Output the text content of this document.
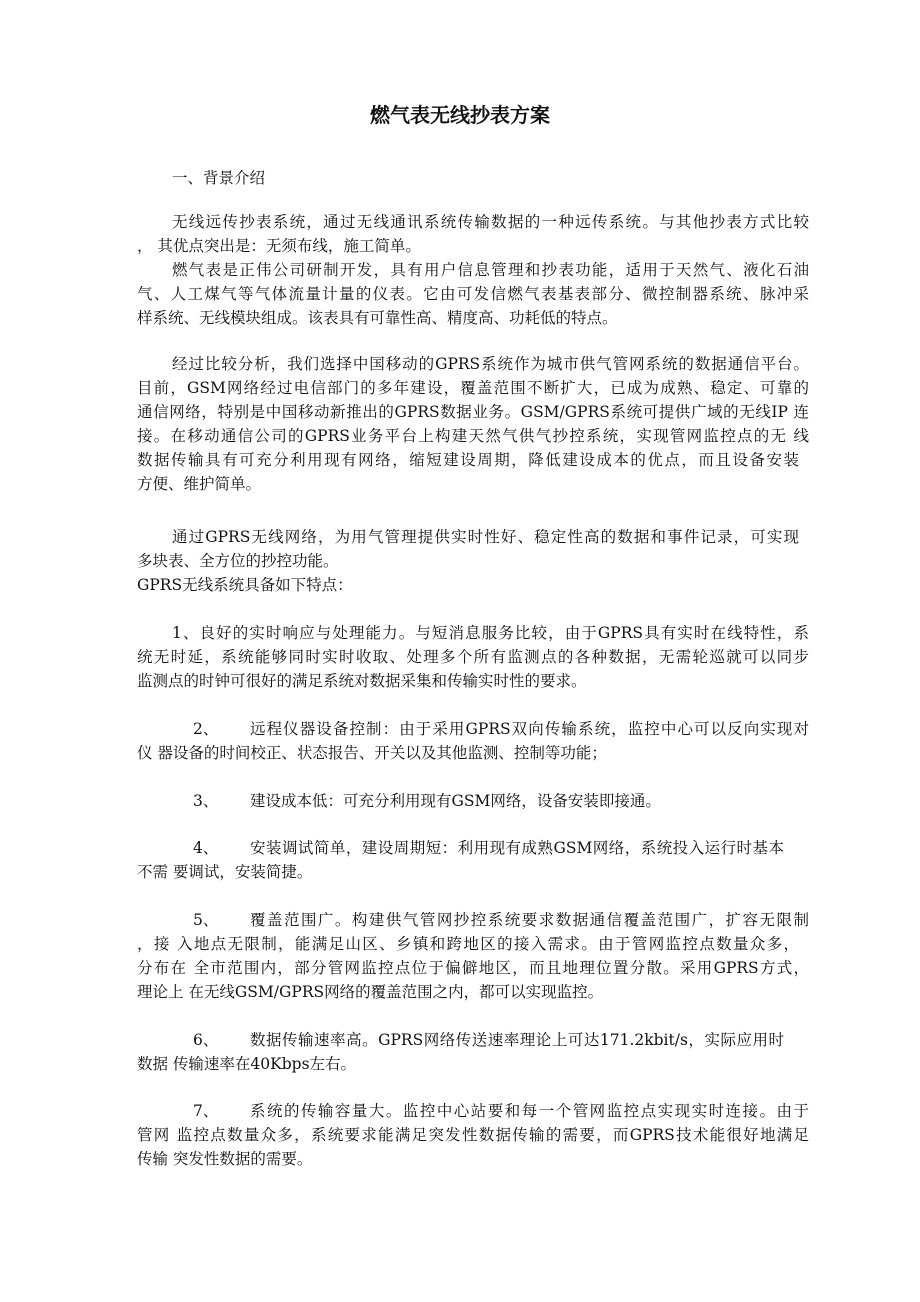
燃气表无线抄表方案
一、背景介绍
无线远传抄表系统，通过无线通讯系统传输数据的一种远传系统。与其他抄表方式比较
， 其优点突出是：无须布线，施工简单。
燃气表是正伟公司研制开发，具有用户信息管理和抄表功能，适用于天然气、液化石油
气、人工煤气等气体流量计量的仪表。它由可发信燃气表基表部分、微控制器系统、脉冲采
样系统、无线模块组成。该表具有可靠性高、精度高、功耗低的特点。
经过比较分析，我们选择中国移动的GPRS系统作为城市供气管网系统的数据通信平台。
目前，GSM网络经过电信部门的多年建设，覆盖范围不断扩大，已成为成熟、稳定、可靠的
通信网络，特别是中国移动新推出的GPRS数据业务。GSM/GPRS系统可提供广域的无线IP 连
接。在移动通信公司的GPRS业务平台上构建天然气供气抄控系统，实现管网监控点的无 线
数据传输具有可充分利用现有网络，缩短建设周期，降低建设成本的优点，而且设备安装
方便、维护简单。
通过GPRS无线网络，为用气管理提供实时性好、稳定性高的数据和事件记录，可实现
多块表、全方位的抄控功能。
GPRS无线系统具备如下特点：
1、良好的实时响应与处理能力。与短消息服务比较，由于GPRS具有实时在线特性，系
统无时延，系统能够同时实时收取、处理多个所有监测点的各种数据，无需轮巡就可以同步
监测点的时钟可很好的满足系统对数据采集和传输实时性的要求。
2、 远程仪器设备控制：由于采用GPRS双向传输系统，监控中心可以反向实现对
仪 器设备的时间校正、状态报告、开关以及其他监测、控制等功能；
3、 建设成本低：可充分利用现有GSM网络，设备安装即接通。
4、 安装调试简单，建设周期短：利用现有成熟GSM网络，系统投入运行时基本
不需 要调试，安装简捷。
5、 覆盖范围广。构建供气管网抄控系统要求数据通信覆盖范围广，扩容无限制
，接 入地点无限制，能满足山区、乡镇和跨地区的接入需求。由于管网监控点数量众多，
分布在 全市范围内，部分管网监控点位于偏僻地区，而且地理位置分散。采用GPRS方式，
理论上 在无线GSM/GPRS网络的覆盖范围之内，都可以实现监控。
6、 数据传输速率高。GPRS网络传送速率理论上可达171.2kbit/s，实际应用时
数据 传输速率在40Kbps左右。
7、 系统的传输容量大。监控中心站要和每一个管网监控点实现实时连接。由于
管网 监控点数量众多，系统要求能满足突发性数据传输的需要，而GPRS技术能很好地满足
传输 突发性数据的需要。
